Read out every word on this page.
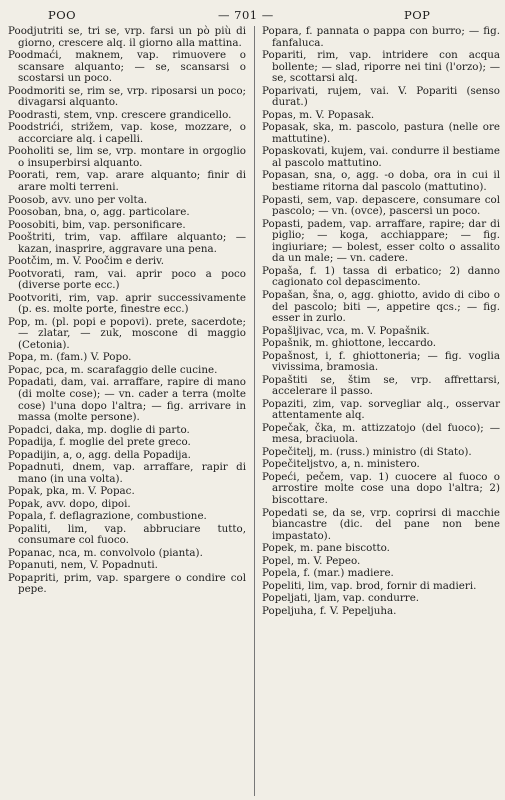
POO	— 701 —	POP

Poodjutriti se, tri se, vrp. farsi un pò più di giorno, crescere alq. il giorno alla mattina.

Poodmaći, maknem, vap. rimuovere o scansare alquanto; — se, scansarsi o scostarsi un poco.

Poodmoriti se, rim se, vrp. riposarsi un poco; divagarsi alquanto.

Poodrasti, stem, vnp. crescere grandicello.

Poodstrići, strižem, vap. kose, mozzare, o accorciare alq. i capelli.

Pooholiti se, lim se, vrp. montare in orgoglio o insuperbirsi alquanto.

Poorati, rem, vap. arare alquanto; finir di arare molti terreni.

Poosob, avv. uno per volta.

Poosoban, bna, o, agg. particolare.

Poosobiti, bim, vap. personificare.

Pooštriti, trim, vap. affilare alquanto; — kazan, inasprire, aggravare una pena.

Pootčim, m. V. Poočim e deriv.

Pootvorati, ram, vai. aprir poco a poco (diverse porte ecc.)

Pootvoriti, rim, vap. aprir successivamente (p. es. molte porte, finestre ecc.)

Pop, m. (pl. popi e popovi). prete, sacerdote; — zlatar, — zuk, moscone di maggio (Cetonia).

Popa, m. (fam.) V. Popo.

Popac, pca, m. scarafaggio delle cucine.

Popadati, dam, vai. arraffare, rapire di mano (di molte cose); — vn. cader a terra (molte cose) l'una dopo l'altra; — fig. arrivare in massa (molte persone).

Popadci, daka, mp. doglie di parto.

Popadija, f. moglie del prete greco.

Popadijin, a, o, agg. della Popadija.

Popadnuti, dnem, vap. arraffare, rapir di mano (in una volta).

Popak, pka, m. V. Popac.

Popak, avv. dopo, dipoi.

Popala, f. deflagrazione, combustione.

Popaliti, lim, vap. abbruciare tutto, consumare col fuoco.

Popanac, nca, m. convolvolo (pianta).

Popanuti, nem, V. Popadnuti.

Popapriti, prim, vap. spargere o condire col pepe.

Popara, f. pannata o pappa con burro; — fig. fanfaluca.

Popariti, rim, vap. intridere con acqua bollente; — slad, riporre nei tini (l'orzo); — se, scottarsi alq.

Poparivati, rujem, vai. V. Popariti (senso durat.)

Popas, m. V. Popasak.

Popasak, ska, m. pascolo, pastura (nelle ore mattutine).

Popaskovati, kujem, vai. condurre il bestiame al pascolo mattutino.

Popasan, sna, o, agg. -o doba, ora in cui il bestiame ritorna dal pascolo (mattutino).

Popasti, sem, vap. depascere, consumare col pascolo; — vn. (ovce), pascersi un poco.

Popasti, padem, vap. arraffare, rapire; dar di piglio; — koga, acchiappare; — fig. ingiuriare; — bolest, esser colto o assalito da un male; — vn. cadere.

Popaša, f. 1) tassa di erbatico; 2) danno cagionato col depascimento.

Popašan, šna, o, agg. ghiotto, avido di cibo o del pascolo; biti —, appetire qcs.; — fig. esser in zurlo.

Popašljivac, vca, m. V. Popašnik.

Popašnik, m. ghiottone, leccardo.

Popašnost, i, f. ghiottoneria; — fig. voglia vivissima, bramosia.

Popaštiti se, štim se, vrp. affrettarsi, accelerare il passo.

Popaziti, zim, vap. sorvegliar alq., osservar attentamente alq.

Popečak, čka, m. attizzatojo (del fuoco); — mesa, braciuola.

Popečitelj, m. (russ.) ministro (di Stato).

Popečiteljstvo, a, n. ministero.

Popeći, pečem, vap. 1) cuocere al fuoco o arrostire molte cose una dopo l'altra; 2) biscottare.

Popedati se, da se, vrp. coprirsi di macchie biancastre (dic. del pane non bene impastato).

Popek, m. pane biscotto.

Popel, m. V. Pepeo.

Popela, f. (mar.) madiere.

Popeliti, lim, vap. brod, fornir di madieri.

Popeljati, ljam, vap. condurre.

Popeljuha, f. V. Pepeljuha.
